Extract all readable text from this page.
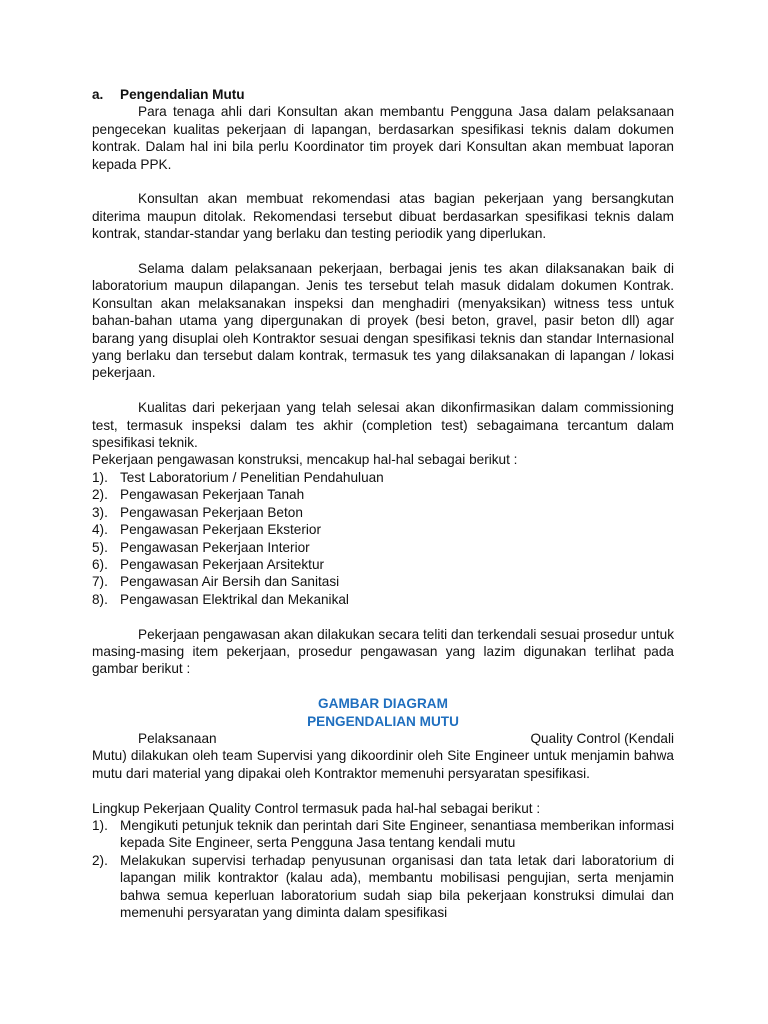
a.	Pengendalian Mutu

Para tenaga ahli dari Konsultan akan membantu Pengguna Jasa dalam pelaksanaan pengecekan kualitas pekerjaan di lapangan, berdasarkan spesifikasi teknis dalam dokumen kontrak. Dalam hal ini bila perlu Koordinator tim proyek dari Konsultan akan membuat laporan kepada PPK.

Konsultan akan membuat rekomendasi atas bagian pekerjaan yang bersangkutan diterima maupun ditolak. Rekomendasi tersebut dibuat berdasarkan spesifikasi teknis dalam kontrak, standar-standar yang berlaku dan testing periodik yang diperlukan.

Selama dalam pelaksanaan pekerjaan, berbagai jenis tes akan dilaksanakan baik di laboratorium maupun dilapangan. Jenis tes tersebut telah masuk didalam dokumen Kontrak. Konsultan akan melaksanakan inspeksi dan menghadiri (menyaksikan) witness tess untuk bahan-bahan utama yang dipergunakan di proyek (besi beton, gravel, pasir beton dll) agar barang yang disuplai oleh Kontraktor sesuai dengan spesifikasi teknis dan standar Internasional yang berlaku dan tersebut dalam kontrak, termasuk tes yang dilaksanakan di lapangan / lokasi pekerjaan.

Kualitas dari pekerjaan yang telah selesai akan dikonfirmasikan dalam commissioning test, termasuk inspeksi dalam tes akhir (completion test) sebagaimana tercantum dalam spesifikasi teknik.

Pekerjaan pengawasan konstruksi, mencakup hal-hal sebagai berikut :

1). Test Laboratorium / Penelitian Pendahuluan
2). Pengawasan Pekerjaan Tanah
3). Pengawasan Pekerjaan Beton
4). Pengawasan Pekerjaan Eksterior
5). Pengawasan Pekerjaan Interior
6). Pengawasan Pekerjaan Arsitektur
7). Pengawasan Air Bersih dan Sanitasi
8). Pengawasan Elektrikal dan Mekanikal

Pekerjaan pengawasan akan dilakukan secara teliti dan terkendali sesuai prosedur untuk masing-masing item pekerjaan, prosedur pengawasan yang lazim digunakan terlihat pada gambar berikut :

GAMBAR DIAGRAM
PENGENDALIAN MUTU
Pelaksanaan	Quality Control (Kendali

Mutu) dilakukan oleh team Supervisi yang dikoordinir oleh Site Engineer untuk menjamin bahwa mutu dari material yang dipakai oleh Kontraktor memenuhi persyaratan spesifikasi.

Lingkup Pekerjaan Quality Control termasuk pada hal-hal sebagai berikut :

1). Mengikuti petunjuk teknik dan perintah dari Site Engineer, senantiasa memberikan informasi kepada Site Engineer, serta Pengguna Jasa tentang kendali mutu
2). Melakukan supervisi terhadap penyusunan organisasi dan tata letak dari laboratorium di lapangan milik kontraktor (kalau ada), membantu mobilisasi pengujian, serta menjamin bahwa semua keperluan laboratorium sudah siap bila pekerjaan konstruksi dimulai dan memenuhi persyaratan yang diminta dalam spesifikasi
